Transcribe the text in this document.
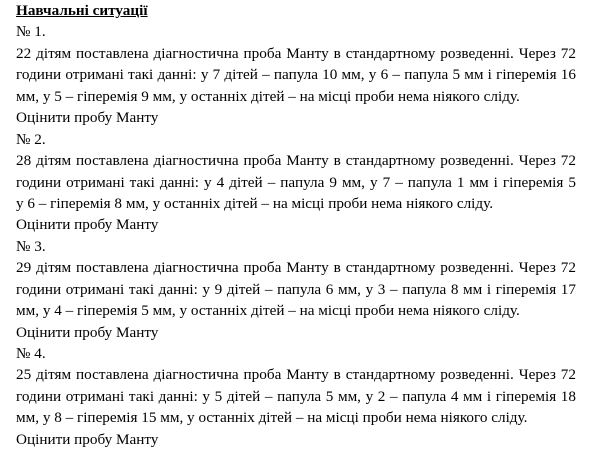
Навчальні ситуації
№ 1.
22 дітям поставлена діагностична проба Манту в стандартному розведенні. Через 72
години отримані такі данні: у 7 дітей – папула 10 мм, у 6 – папула 5 мм і гіперемія 16
мм, у 5 – гіперемія 9 мм, у останніх дітей – на місці проби нема ніякого сліду.
Оцінити пробу Манту
№ 2.
28 дітям поставлена діагностична проба Манту в стандартному розведенні. Через 72
години отримані такі данні: у 4 дітей – папула 9 мм, у 7 – папула 1 мм і гіперемія 5
у 6 – гіперемія 8 мм, у останніх дітей – на місці проби нема ніякого сліду.
Оцінити пробу Манту
№ 3.
29 дітям поставлена діагностична проба Манту в стандартному розведенні. Через 72
години отримані такі данні: у 9 дітей – папула 6 мм, у 3 – папула 8 мм і гіперемія 17
мм, у 4 – гіперемія 5 мм, у останніх дітей – на місці проби нема ніякого сліду.
Оцінити пробу Манту
№ 4.
25 дітям поставлена діагностична проба Манту в стандартному розведенні. Через 72
години отримані такі данні: у 5 дітей – папула 5 мм, у 2 – папула 4 мм і гіперемія 18
мм, у 8 – гіперемія 15 мм, у останніх дітей – на місці проби нема ніякого сліду.
Оцінити пробу Манту
